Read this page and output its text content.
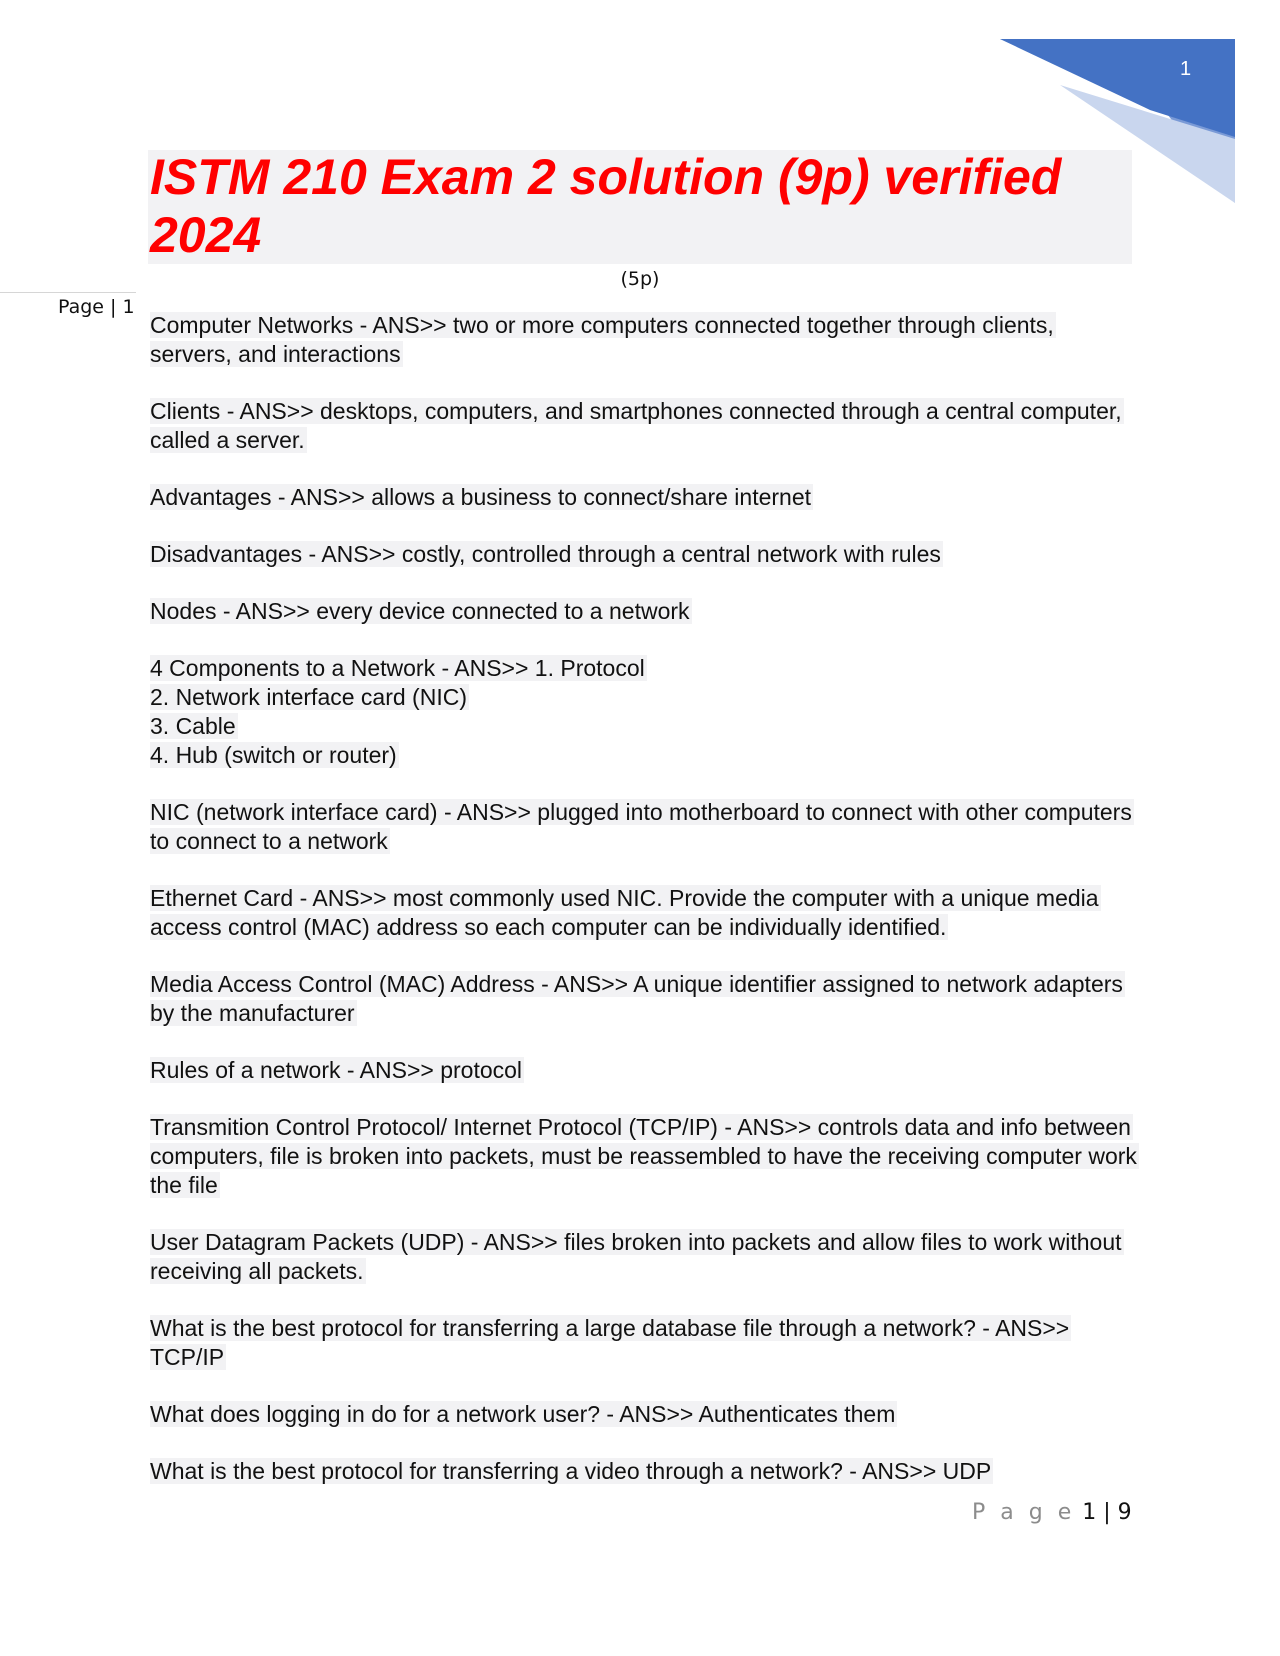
1
Page | 1
ISTM 210 Exam 2 solution (9p) verified 2024
(5p)

Computer Networks - ANS>> two or more computers connected together through clients, servers, and interactions

Clients - ANS>> desktops, computers, and smartphones connected through a central computer, called a server.

Advantages - ANS>> allows a business to connect/share internet

Disadvantages - ANS>> costly, controlled through a central network with rules

Nodes - ANS>> every device connected to a network

4 Components to a Network - ANS>> 1. Protocol
2. Network interface card (NIC)
3. Cable
4. Hub (switch or router)

NIC (network interface card) - ANS>> plugged into motherboard to connect with other computers to connect to a network

Ethernet Card - ANS>> most commonly used NIC. Provide the computer with a unique media access control (MAC) address so each computer can be individually identified.

Media Access Control (MAC) Address - ANS>> A unique identifier assigned to network adapters by the manufacturer

Rules of a network - ANS>> protocol

Transmition Control Protocol/ Internet Protocol (TCP/IP) - ANS>> controls data and info between computers, file is broken into packets, must be reassembled to have the receiving computer work the file

User Datagram Packets (UDP) - ANS>> files broken into packets and allow files to work without receiving all packets.

What is the best protocol for transferring a large database file through a network? - ANS>> TCP/IP

What does logging in do for a network user? - ANS>> Authenticates them

What is the best protocol for transferring a video through a network? - ANS>> UDP

P a g e 1 | 9
